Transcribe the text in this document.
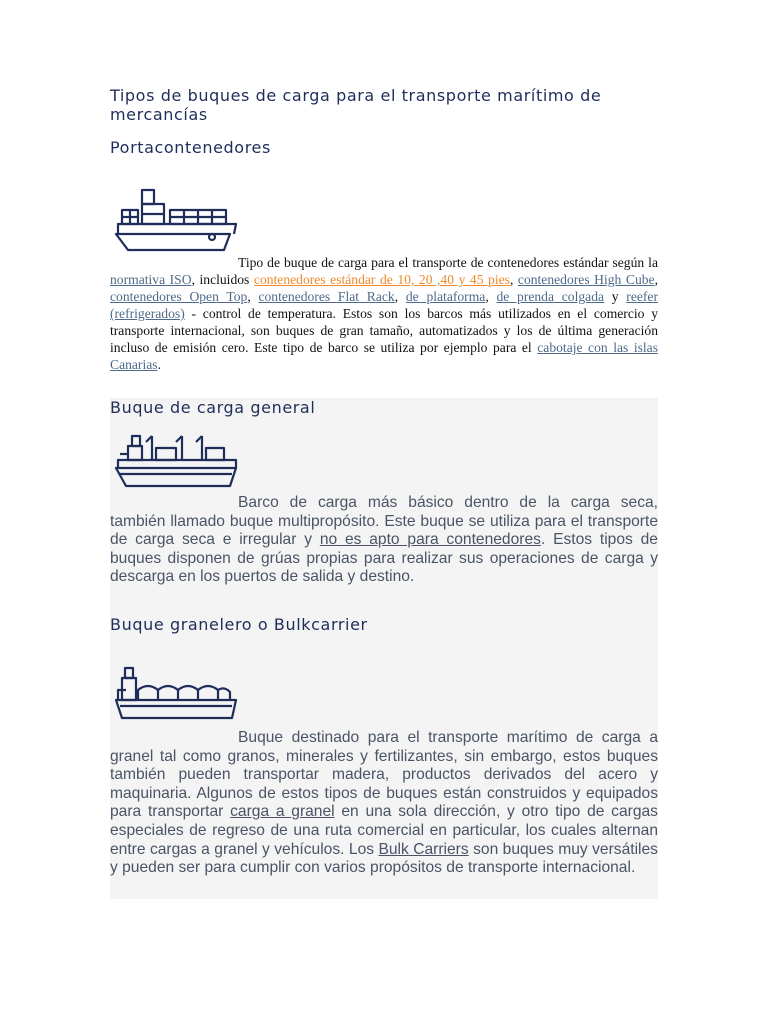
Tipos de buques de carga para el transporte marítimo de mercancías
Portacontenedores

Tipo de buque de carga para el transporte de contenedores estándar según la normativa ISO, incluidos contenedores estándar de 10, 20 ,40 y 45 pies, contenedores High Cube, contenedores Open Top, contenedores Flat Rack, de plataforma, de prenda colgada y reefer (refrigerados) - control de temperatura. Estos son los barcos más utilizados en el comercio y transporte internacional, son buques de gran tamaño, automatizados y los de última generación incluso de emisión cero. Este tipo de barco se utiliza por ejemplo para el cabotaje con las islas Canarias.

Buque de carga general

Barco de carga más básico dentro de la carga seca, también llamado buque multipropósito. Este buque se utiliza para el transporte de carga seca e irregular y no es apto para contenedores. Estos tipos de buques disponen de grúas propias para realizar sus operaciones de carga y descarga en los puertos de salida y destino.

Buque granelero o Bulkcarrier

Buque destinado para el transporte marítimo de carga a granel tal como granos, minerales y fertilizantes, sin embargo, estos buques también pueden transportar madera, productos derivados del acero y maquinaria. Algunos de estos tipos de buques están construidos y equipados para transportar carga a granel en una sola dirección, y otro tipo de cargas especiales de regreso de una ruta comercial en particular, los cuales alternan entre cargas a granel y vehículos. Los Bulk Carriers son buques muy versátiles y pueden ser para cumplir con varios propósitos de transporte internacional.
